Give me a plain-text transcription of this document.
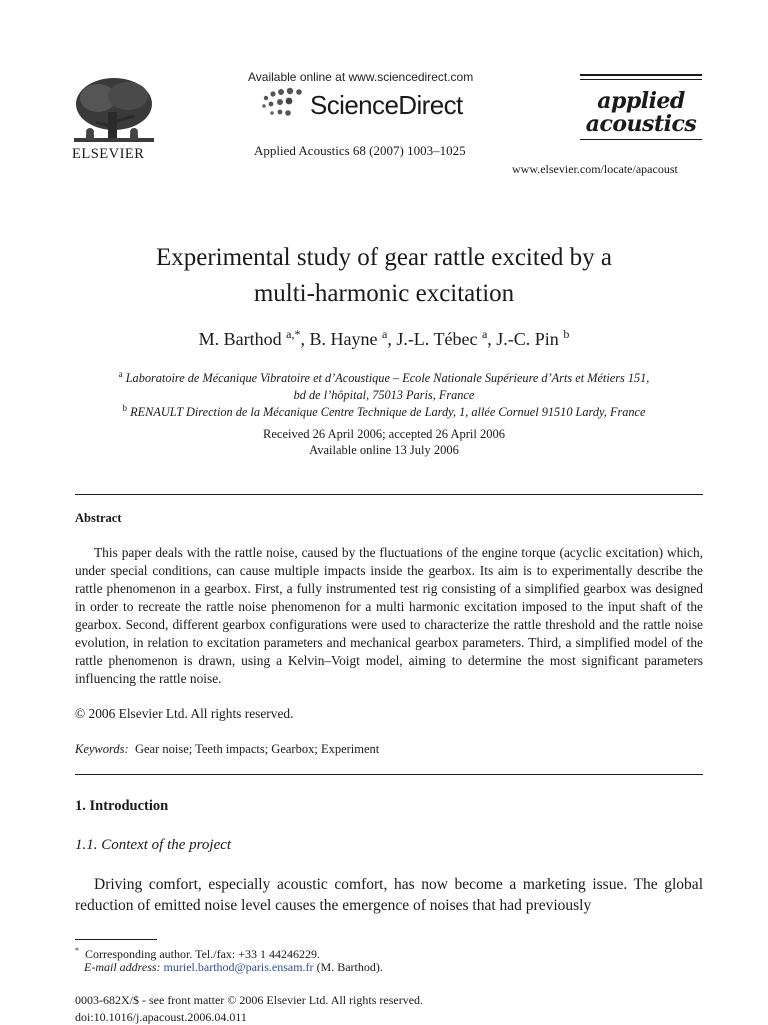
ELSEVIER
Available online at www.sciencedirect.com
ScienceDirect
Applied Acoustics 68 (2007) 1003–1025
applied
acoustics
www.elsevier.com/locate/apacoust
Experimental study of gear rattle excited by a
multi-harmonic excitation
M. Barthod $^{a,*}$, B. Hayne $^a$, J.-L. Tébec $^a$, J.-C. Pin $^b$
$^a$ Laboratoire de Mécanique Vibratoire et d’Acoustique – Ecole Nationale Supérieure d’Arts et Métiers 151,
bd de l’hôpital, 75013 Paris, France
$^b$ RENAULT Direction de la Mécanique Centre Technique de Lardy, 1, allée Cornuel 91510 Lardy, France
Received 26 April 2006; accepted 26 April 2006
Available online 13 July 2006
Abstract
This paper deals with the rattle noise, caused by the fluctuations of the engine torque (acyclic excitation) which, under special conditions, can cause multiple impacts inside the gearbox. Its aim is to experimentally describe the rattle phenomenon in a gearbox. First, a fully instrumented test rig consisting of a simplified gearbox was designed in order to recreate the rattle noise phenomenon for a multi harmonic excitation imposed to the input shaft of the gearbox. Second, different gearbox configurations were used to characterize the rattle threshold and the rattle noise evolution, in relation to excitation parameters and mechanical gearbox parameters. Third, a simplified model of the rattle phenomenon is drawn, using a Kelvin–Voigt model, aiming to determine the most significant parameters influencing the rattle noise.
© 2006 Elsevier Ltd. All rights reserved.
Keywords: Gear noise; Teeth impacts; Gearbox; Experiment
1. Introduction
1.1. Context of the project
Driving comfort, especially acoustic comfort, has now become a marketing issue. The global reduction of emitted noise level causes the emergence of noises that had previously
* Corresponding author. Tel./fax: +33 1 44246229.
E-mail address: muriel.barthod@paris.ensam.fr (M. Barthod).
0003-682X/$ - see front matter © 2006 Elsevier Ltd. All rights reserved.
doi:10.1016/j.apacoust.2006.04.011
